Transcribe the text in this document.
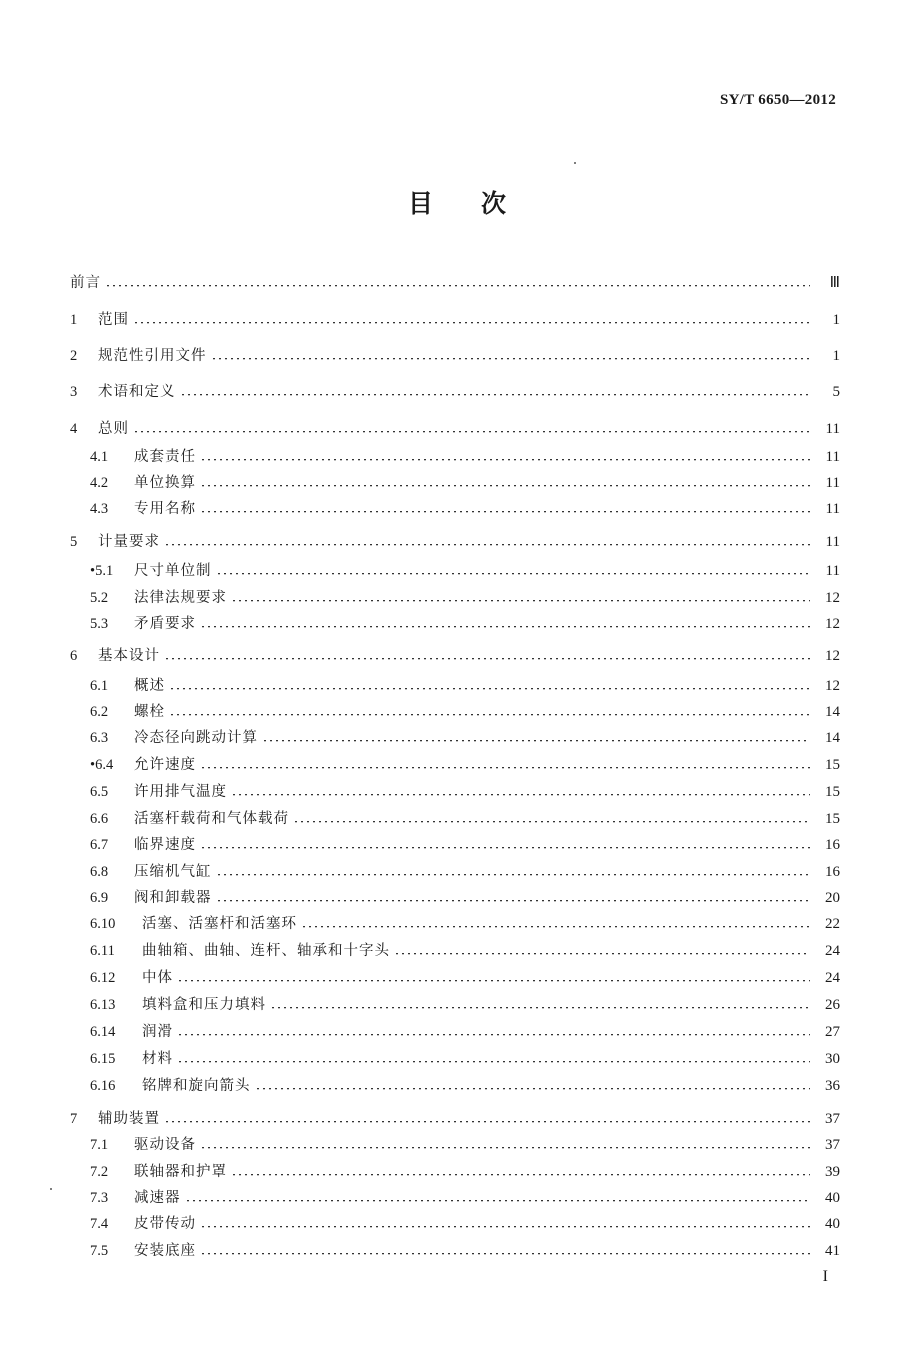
SY/T 6650—2012
目 次
前言	Ⅲ
1	范围	1
2	规范性引用文件	1
3	术语和定义	5
4	总则	11
4.1	成套责任	11
4.2	单位换算	11
4.3	专用名称	11
5	计量要求	11
•5.1	尺寸单位制	11
5.2	法律法规要求	12
5.3	矛盾要求	12
6	基本设计	12
6.1	概述	12
6.2	螺栓	14
6.3	冷态径向跳动计算	14
•6.4	允许速度	15
6.5	许用排气温度	15
6.6	活塞杆载荷和气体载荷	15
6.7	临界速度	16
6.8	压缩机气缸	16
6.9	阀和卸载器	20
6.10	活塞、活塞杆和活塞环	22
6.11	曲轴箱、曲轴、连杆、轴承和十字头	24
6.12	中体	24
6.13	填料盒和压力填料	26
6.14	润滑	27
6.15	材料	30
6.16	铭牌和旋向箭头	36
7	辅助装置	37
7.1	驱动设备	37
7.2	联轴器和护罩	39
7.3	减速器	40
7.4	皮带传动	40
7.5	安装底座	41
I
